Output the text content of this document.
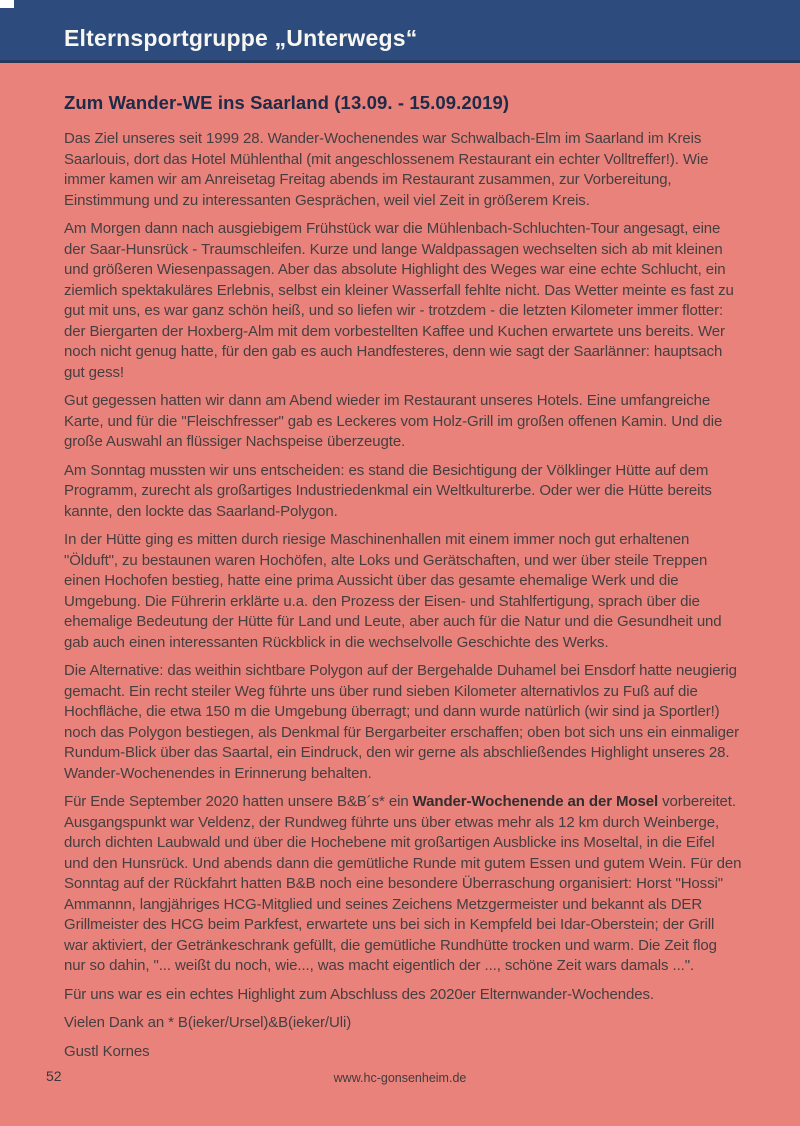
Elternsportgruppe „Unterwegs“
Zum Wander-WE ins Saarland (13.09. - 15.09.2019)

Das Ziel unseres seit 1999 28. Wander-Wochenendes war Schwalbach-Elm im Saarland im Kreis Saarlouis, dort das Hotel Mühlenthal (mit angeschlossenem Restaurant ein echter Volltreffer!). Wie immer kamen wir am Anreisetag Freitag abends im Restaurant zusammen, zur Vorbereitung, Einstimmung und zu interessanten Gesprächen, weil viel Zeit in größerem Kreis.

Am Morgen dann nach ausgiebigem Frühstück war die Mühlenbach-Schluchten-Tour angesagt, eine der Saar-Hunsrück - Traumschleifen. Kurze und lange Waldpassagen wechselten sich ab mit kleinen und größeren Wiesenpassagen. Aber das absolute Highlight des Weges war eine echte Schlucht, ein ziemlich spektakuläres Erlebnis, selbst ein kleiner Wasserfall fehlte nicht. Das Wetter meinte es fast zu gut mit uns, es war ganz schön heiß, und so liefen wir - trotzdem - die letzten Kilometer immer flotter: der Biergarten der Hoxberg-Alm mit dem vorbestellten Kaffee und Kuchen erwartete uns bereits. Wer noch nicht genug hatte, für den gab es auch Handfesteres, denn wie sagt der Saarlänner: hauptsach gut gess!

Gut gegessen hatten wir dann am Abend wieder im Restaurant unseres Hotels. Eine umfangreiche Karte, und für die "Fleischfresser" gab es Leckeres vom Holz-Grill im großen offenen Kamin. Und die große Auswahl an flüssiger Nachspeise überzeugte.

Am Sonntag mussten wir uns entscheiden: es stand die Besichtigung der Völklinger Hütte auf dem Programm, zurecht als großartiges Industriedenkmal ein Weltkulturerbe. Oder wer die Hütte bereits kannte, den lockte das Saarland-Polygon.

In der Hütte ging es mitten durch riesige Maschinenhallen mit einem immer noch gut erhaltenen "Ölduft", zu bestaunen waren Hochöfen, alte Loks und Gerätschaften, und wer über steile Treppen einen Hochofen bestieg, hatte eine prima Aussicht über das gesamte ehemalige Werk und die Umgebung. Die Führerin erklärte u.a. den Prozess der Eisen- und Stahlfertigung, sprach über die ehemalige Bedeutung der Hütte für Land und Leute, aber auch für die Natur und die Gesundheit und gab auch einen interessanten Rückblick in die wechselvolle Geschichte des Werks.

Die Alternative: das weithin sichtbare Polygon auf der Bergehalde Duhamel bei Ensdorf hatte neugierig gemacht. Ein recht steiler Weg führte uns über rund sieben Kilometer alternativlos zu Fuß auf die Hochfläche, die etwa 150 m die Umgebung überragt; und dann wurde natürlich (wir sind ja Sportler!) noch das Polygon bestiegen, als Denkmal für Bergarbeiter erschaffen; oben bot sich uns ein einmaliger Rundum-Blick über das Saartal, ein Eindruck, den wir gerne als abschließendes Highlight unseres 28. Wander-Wochenendes in Erinnerung behalten.

Für Ende September 2020 hatten unsere B&B´s* ein Wander-Wochenende an der Mosel vorbereitet. Ausgangspunkt war Veldenz, der Rundweg führte uns über etwas mehr als 12 km durch Weinberge, durch dichten Laubwald und über die Hochebene mit großartigen Ausblicke ins Moseltal, in die Eifel und den Hunsrück. Und abends dann die gemütliche Runde mit gutem Essen und gutem Wein. Für den Sonntag auf der Rückfahrt hatten B&B noch eine besondere Überraschung organisiert: Horst "Hossi" Ammannn, langjähriges HCG-Mitglied und seines Zeichens Metzgermeister und bekannt als DER Grillmeister des HCG beim Parkfest, erwartete uns bei sich in Kempfeld bei Idar-Oberstein; der Grill war aktiviert, der Getränkeschrank gefüllt, die gemütliche Rundhütte trocken und warm. Die Zeit flog nur so dahin, "... weißt du noch, wie..., was macht eigentlich der ..., schöne Zeit wars damals ...".

Für uns war es ein echtes Highlight zum Abschluss des 2020er Elternwander-Wochendes.

Vielen Dank an * B(ieker/Ursel)&B(ieker/Uli)

Gustl Kornes

52	www.hc-gonsenheim.de
